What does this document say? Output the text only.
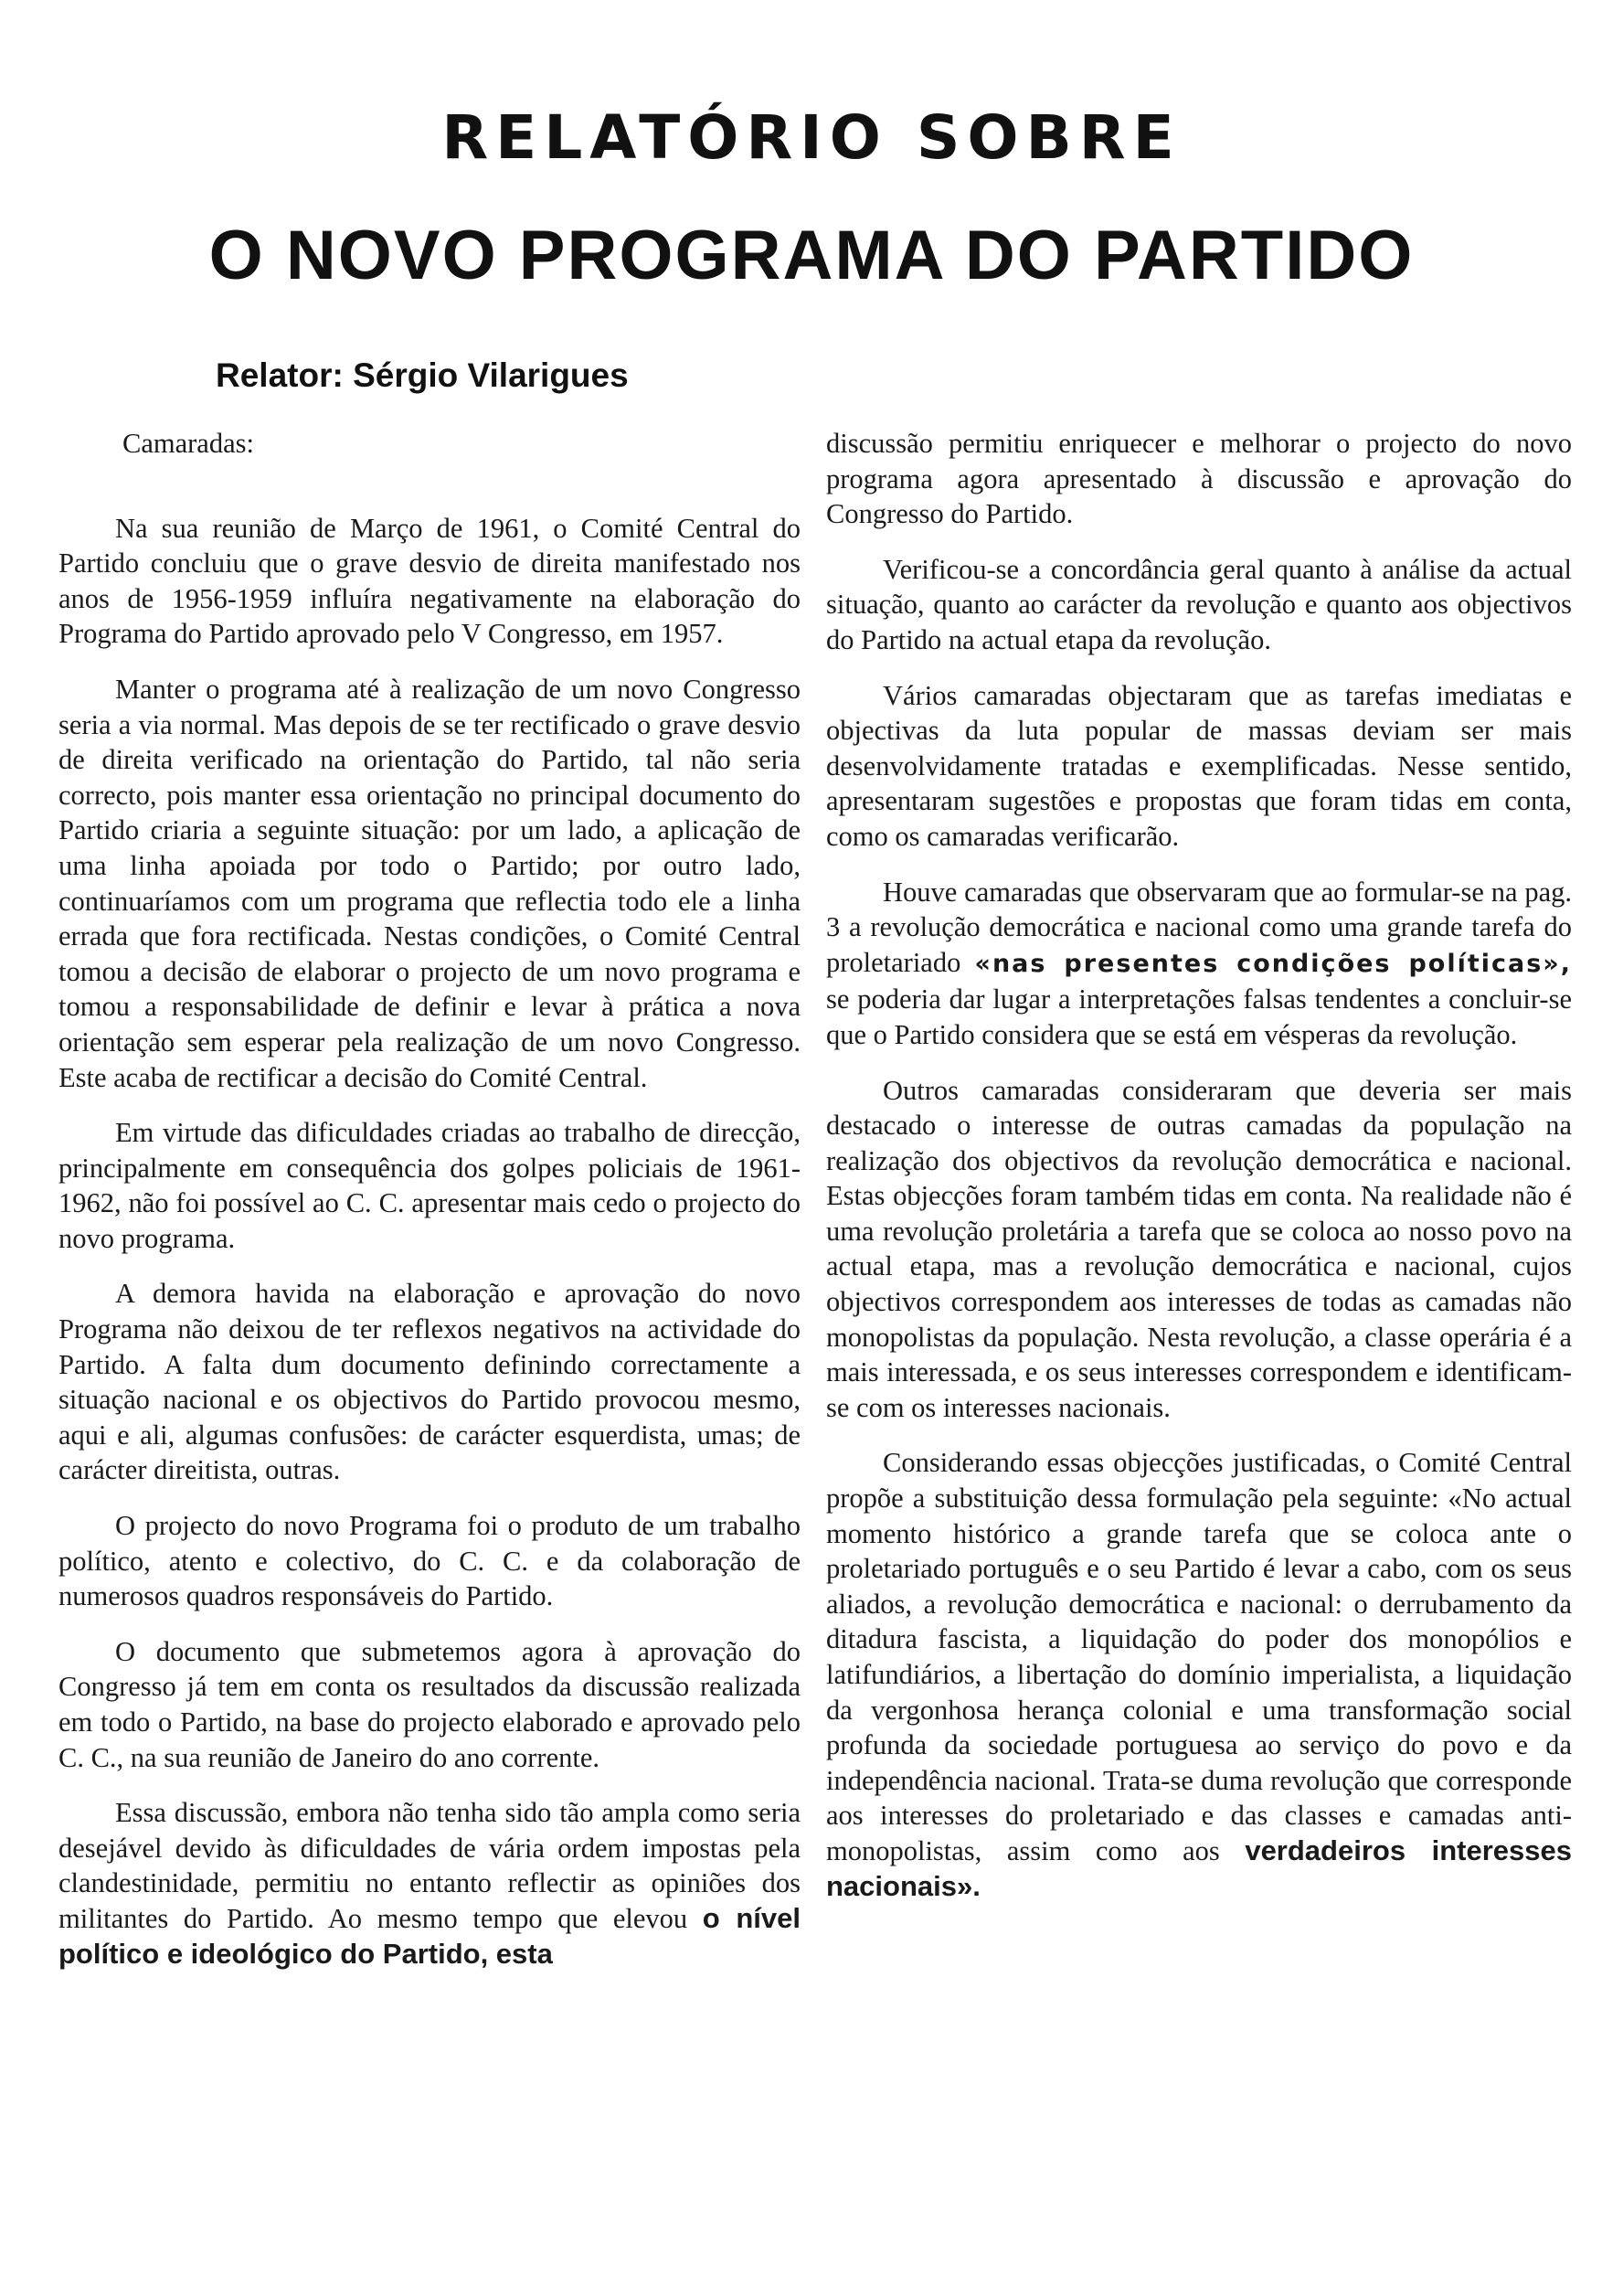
RELATÓRIO SOBRE
O NOVO PROGRAMA DO PARTIDO
Relator: Sérgio Vilarigues

Camaradas:

Na sua reunião de Março de 1961, o Comité Central do Partido concluiu que o grave desvio de direita manifestado nos anos de 1956-1959 influíra negativamente na elaboração do Programa do Partido aprovado pelo V Congresso, em 1957.

Manter o programa até à realização de um novo Congresso seria a via normal. Mas depois de se ter rectificado o grave desvio de direita verificado na orientação do Partido, tal não seria correcto, pois manter essa orientação no principal documento do Partido criaria a seguinte situação: por um lado, a aplicação de uma linha apoiada por todo o Partido; por outro lado, continuaríamos com um programa que reflectia todo ele a linha errada que fora rectificada. Nestas condições, o Comité Central tomou a decisão de elaborar o projecto de um novo programa e tomou a responsabilidade de definir e levar à prática a nova orientação sem esperar pela realização de um novo Congresso. Este acaba de rectificar a decisão do Comité Central.

Em virtude das dificuldades criadas ao trabalho de direcção, principalmente em consequência dos golpes policiais de 1961-1962, não foi possível ao C. C. apresentar mais cedo o projecto do novo programa.

A demora havida na elaboração e aprovação do novo Programa não deixou de ter reflexos negativos na actividade do Partido. A falta dum documento definindo correctamente a situação nacional e os objectivos do Partido provocou mesmo, aqui e ali, algumas confusões: de carácter esquerdista, umas; de carácter direitista, outras.

O projecto do novo Programa foi o produto de um trabalho político, atento e colectivo, do C. C. e da colaboração de numerosos quadros responsáveis do Partido.

O documento que submetemos agora à aprovação do Congresso já tem em conta os resultados da discussão realizada em todo o Partido, na base do projecto elaborado e aprovado pelo C. C., na sua reunião de Janeiro do ano corrente.

Essa discussão, embora não tenha sido tão ampla como seria desejável devido às dificuldades de vária ordem impostas pela clandestinidade, permitiu no entanto reflectir as opiniões dos militantes do Partido. Ao mesmo tempo que elevou o nível político e ideológico do Partido, esta

discussão permitiu enriquecer e melhorar o projecto do novo programa agora apresentado à discussão e aprovação do Congresso do Partido.

Verificou-se a concordância geral quanto à análise da actual situação, quanto ao carácter da revolução e quanto aos objectivos do Partido na actual etapa da revolução.

Vários camaradas objectaram que as tarefas imediatas e objectivas da luta popular de massas deviam ser mais desenvolvidamente tratadas e exemplificadas. Nesse sentido, apresentaram sugestões e propostas que foram tidas em conta, como os camaradas verificarão.

Houve camaradas que observaram que ao formular-se na pag. 3 a revolução democrática e nacional como uma grande tarefa do proletariado «nas presentes condições políticas», se poderia dar lugar a interpretações falsas tendentes a concluir-se que o Partido considera que se está em vésperas da revolução.

Outros camaradas consideraram que deveria ser mais destacado o interesse de outras camadas da população na realização dos objectivos da revolução democrática e nacional. Estas objecções foram também tidas em conta. Na realidade não é uma revolução proletária a tarefa que se coloca ao nosso povo na actual etapa, mas a revolução democrática e nacional, cujos objectivos correspondem aos interesses de todas as camadas não monopolistas da população. Nesta revolução, a classe operária é a mais interessada, e os seus interesses correspondem e identificam-se com os interesses nacionais.

Considerando essas objecções justificadas, o Comité Central propõe a substituição dessa formulação pela seguinte: «No actual momento histórico a grande tarefa que se coloca ante o proletariado português e o seu Partido é levar a cabo, com os seus aliados, a revolução democrática e nacional: o derrubamento da ditadura fascista, a liquidação do poder dos monopólios e latifundiários, a libertação do domínio imperialista, a liquidação da vergonhosa herança colonial e uma transformação social profunda da sociedade portuguesa ao serviço do povo e da independência nacional. Trata-se duma revolução que corresponde aos interesses do proletariado e das classes e camadas anti-monopolistas, assim como aos verdadeiros interesses nacionais».
